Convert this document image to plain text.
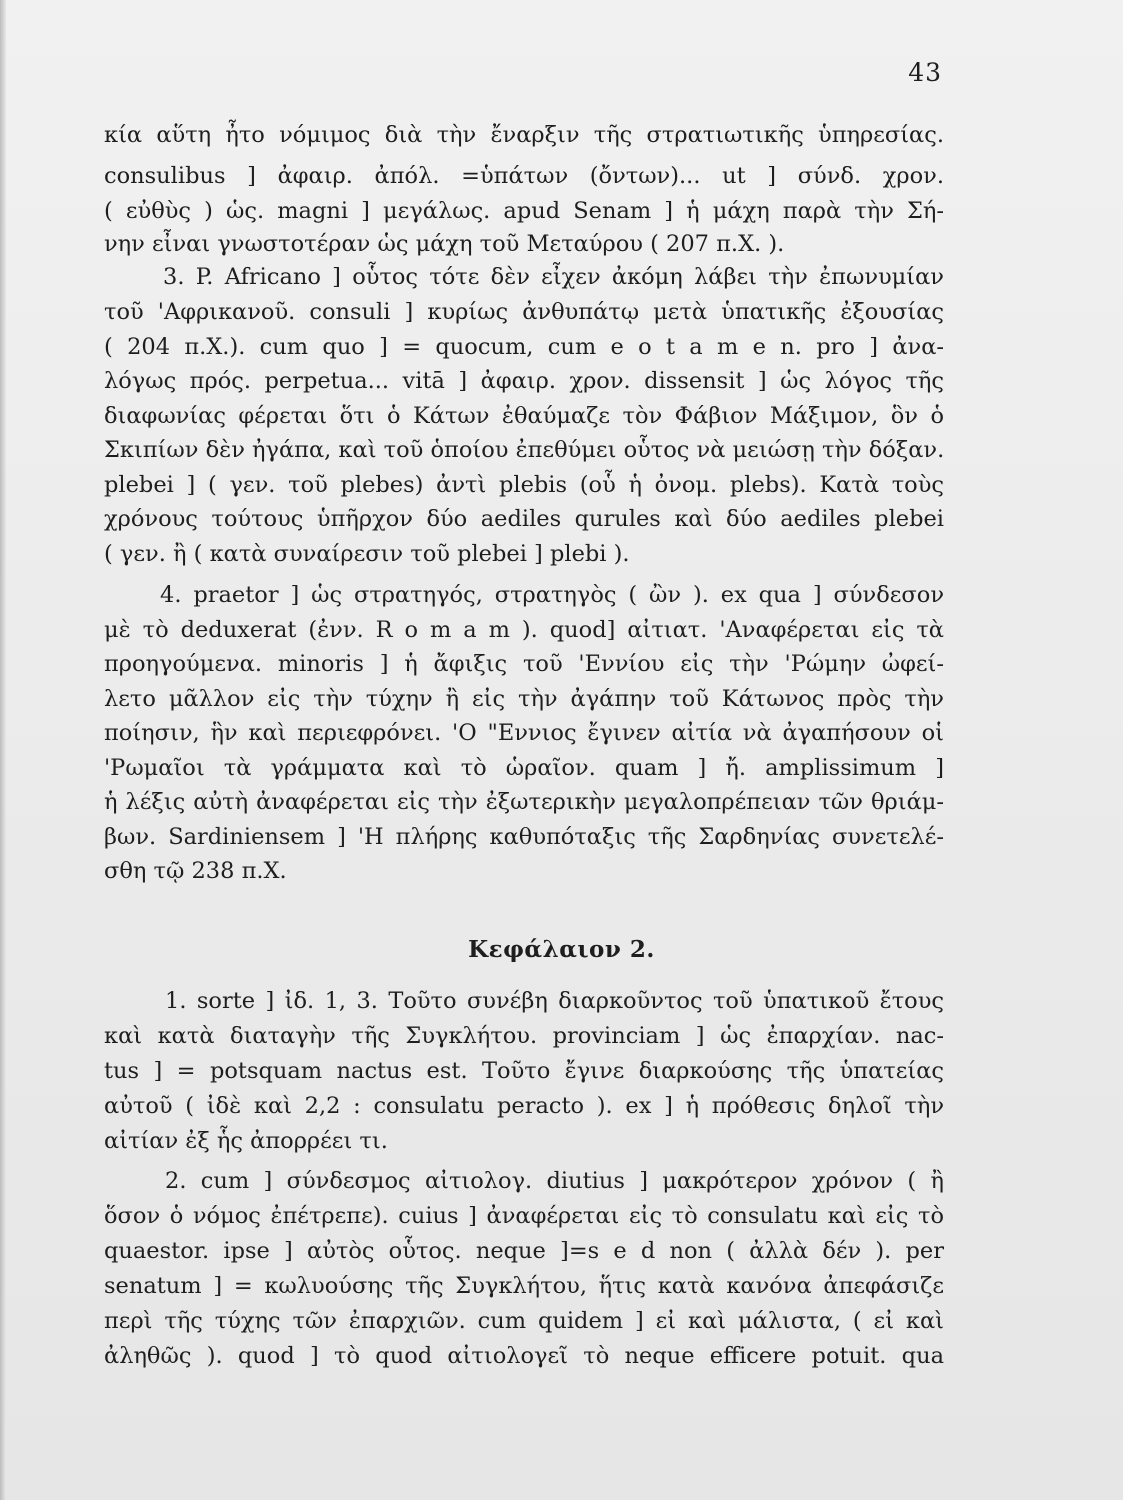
43
κία αὕτη ἦτο νόμιμος διὰ τὴν ἔναρξιν τῆς στρατιωτικῆς ὑπηρεσίας.
consulibus ] ἀφαιρ. ἀπόλ. =ὑπάτων (ὄντων)... ut ] σύνδ. χρον.
( εὐθὺς ) ὡς. magni ] μεγάλως. apud Senam ] ἡ μάχη παρὰ τὴν Σή-
νην εἶναι γνωστοτέραν ὡς μάχη τοῦ Μεταύρου ( 207 π.Χ. ).
3. P. Africano ] οὗτος τότε δὲν εἶχεν ἀκόμη λάβει τὴν ἐπωνυμίαν
τοῦ 'Αφρικανοῦ. consuli ] κυρίως ἀνθυπάτῳ μετὰ ὑπατικῆς ἐξουσίας
( 204 π.Χ.). cum quo ] = quocum, cum e o t a m e n. pro ] ἀνα-
λόγως πρός. perpetua... vitā ] ἀφαιρ. χρον. dissensit ] ὡς λόγος τῆς
διαφωνίας φέρεται ὅτι ὁ Κάτων ἐθαύμαζε τὸν Φάβιον Μάξιμον, ὃν ὁ
Σκιπίων δὲν ἠγάπα, καὶ τοῦ ὁποίου ἐπεθύμει οὗτος νὰ μειώσῃ τὴν δόξαν.
plebei ] ( γεν. τοῦ plebes) ἀντὶ plebis (οὗ ἡ ὀνομ. plebs). Κατὰ τοὺς
χρόνους τούτους ὑπῆρχον δύο aediles qurules καὶ δύο aediles plebei
( γεν. ἢ ( κατὰ συναίρεσιν τοῦ plebei ] plebi ).
4. praetor ] ὡς στρατηγός, στρατηγὸς ( ὢν ). ex qua ] σύνδεσον
μὲ τὸ deduxerat (ἐνν. R o m a m ). quod] αἰτιατ. 'Αναφέρεται εἰς τὰ
προηγούμενα. minoris ] ἡ ἄφιξις τοῦ 'Εννίου εἰς τὴν 'Ρώμην ὠφεί-
λετο μᾶλλον εἰς τὴν τύχην ἢ εἰς τὴν ἀγάπην τοῦ Κάτωνος πρὸς τὴν
ποίησιν, ἣν καὶ περιεφρόνει. 'Ο "Εννιος ἔγινεν αἰτία νὰ ἀγαπήσουν οἱ
'Ρωμαῖοι τὰ γράμματα καὶ τὸ ὡραῖον. quam ] ἤ. amplissimum ]
ἡ λέξις αὐτὴ ἀναφέρεται εἰς τὴν ἐξωτερικὴν μεγαλοπρέπειαν τῶν θριάμ-
βων. Sardiniensem ] 'Η πλήρης καθυπόταξις τῆς Σαρδηνίας συνετελέ-
σθη τῷ 238 π.Χ.
Κεφάλαιον 2.
1. sorte ] ἰδ. 1, 3. Τοῦτο συνέβη διαρκοῦντος τοῦ ὑπατικοῦ ἔτους
καὶ κατὰ διαταγὴν τῆς Συγκλήτου. provinciam ] ὡς ἐπαρχίαν. nac-
tus ] = potsquam nactus est. Τοῦτο ἔγινε διαρκούσης τῆς ὑπατείας
αὐτοῦ ( ἰδὲ καὶ 2,2 : consulatu peracto ). ex ] ἡ πρόθεσις δηλοῖ τὴν
αἰτίαν ἐξ ἧς ἀπορρέει τι.
2. cum ] σύνδεσμος αἰτιολογ. diutius ] μακρότερον χρόνον ( ἢ
ὅσον ὁ νόμος ἐπέτρεπε). cuius ] ἀναφέρεται εἰς τὸ consulatu καὶ εἰς τὸ
quaestor. ipse ] αὐτὸς οὗτος. neque ]=s e d non ( ἀλλὰ δέν ). per
senatum ] = κωλυούσης τῆς Συγκλήτου, ἥτις κατὰ κανόνα ἀπεφάσιζε
περὶ τῆς τύχης τῶν ἐπαρχιῶν. cum quidem ] εἰ καὶ μάλιστα, ( εἰ καὶ
ἀληθῶς ). quod ] τὸ quod αἰτιολογεῖ τὸ neque efficere potuit. qua
